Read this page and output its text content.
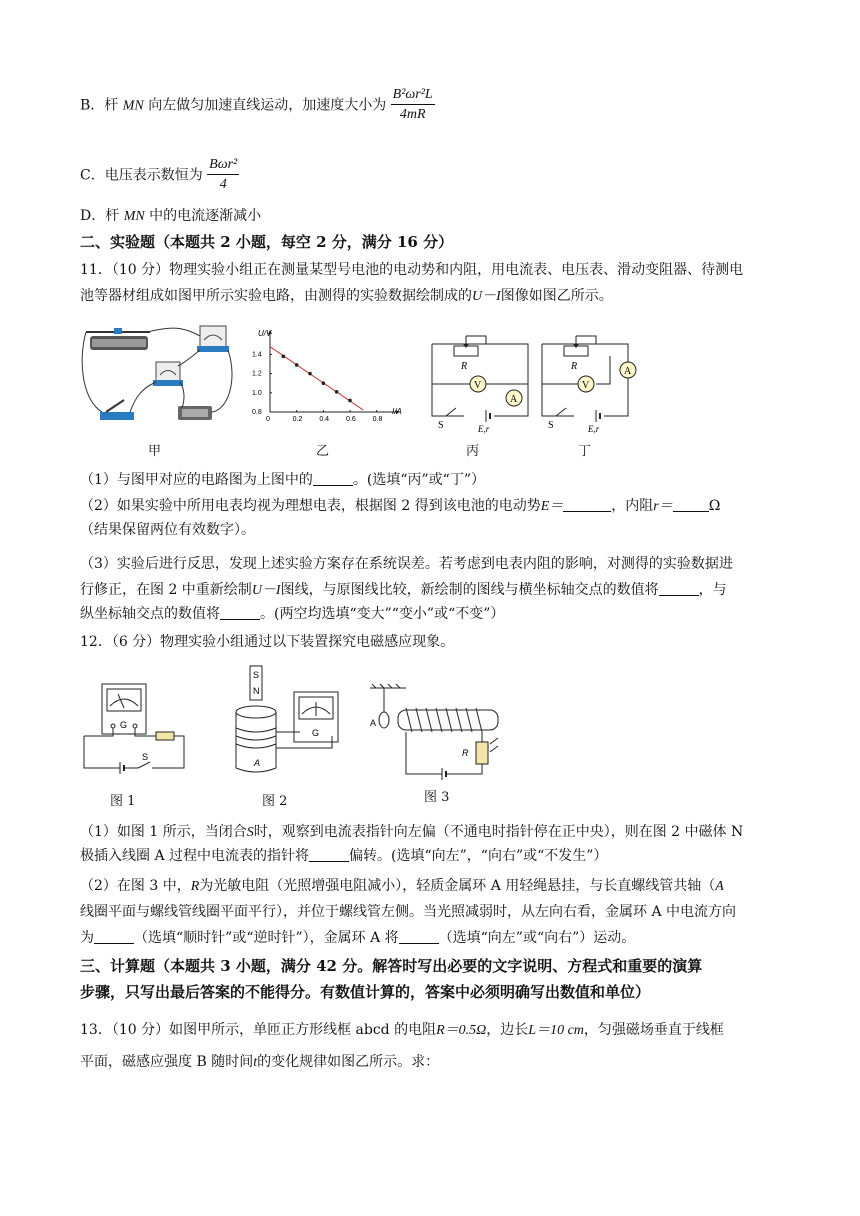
B．杆 MN 向左做匀加速直线运动，加速度大小为 $\frac{\text{B²ωr²L}}{4mR}$
C．电压表示数恒为 $\frac{\text{Bωr²}}{4}$
D．杆 MN 中的电流逐渐减小
二、实验题（本题共 2 小题，每空 2 分，满分 16 分）
11．（10 分）物理实验小组正在测量某型号电池的电动势和内阻，用电流表、电压表、滑动变阻器、待测电
池等器材组成如图甲所示实验电路，由测得的实验数据绘制成的U－I图像如图乙所示。
甲
0	0.2 0.4 0.6 0.8
0.8
1.0
1.2
1.4
U/V
I/A
乙
R
V
A
S	E,r
丙
R	A
V
S	E,r
丁
（1）与图甲对应的电路图为上图中的	。(选填“丙”或“丁”）
（2）如果实验中所用电表均视为理想电表，根据图 2 得到该电池的电动势E＝	，内阻r＝	Ω
（结果保留两位有效数字）。
（3）实验后进行反思，发现上述实验方案存在系统误差。若考虑到电表内阻的影响，对测得的实验数据进
行修正，在图 2 中重新绘制U－I图线，与原图线比较，新绘制的图线与横坐标轴交点的数值将	，与
纵坐标轴交点的数值将	。(两空均选填“变大”“变小”或“不变”）
12．（6 分）物理实验小组通过以下装置探究电磁感应现象。
G
S
图 1
S
N
A
G
图 2
A
R
图 3
（1）如图 1 所示，当闭合S时，观察到电流表指针向左偏（不通电时指针停在正中央），则在图 2 中磁体 N
极插入线圈 A 过程中电流表的指针将	偏转。(选填“向左”，“向右”或“不发生”）
（2）在图 3 中，R为光敏电阻（光照增强电阻减小），轻质金属环 A 用轻绳悬挂，与长直螺线管共轴（A
线圈平面与螺线管线圈平面平行），并位于螺线管左侧。当光照减弱时，从左向右看，金属环 A 中电流方向
为	（选填“顺时针”或“逆时针”），金属环 A 将	（选填“向左”或“向右”）运动。
三、计算题（本题共 3 小题，满分 42 分。解答时写出必要的文字说明、方程式和重要的演算
步骤，只写出最后答案的不能得分。有数值计算的，答案中必须明确写出数值和单位）
13．（10 分）如图甲所示，单匝正方形线框 abcd 的电阻R＝0.5Ω，边长L＝10 cm，匀强磁场垂直于线框
平面，磁感应强度 B 随时间t的变化规律如图乙所示。求：
